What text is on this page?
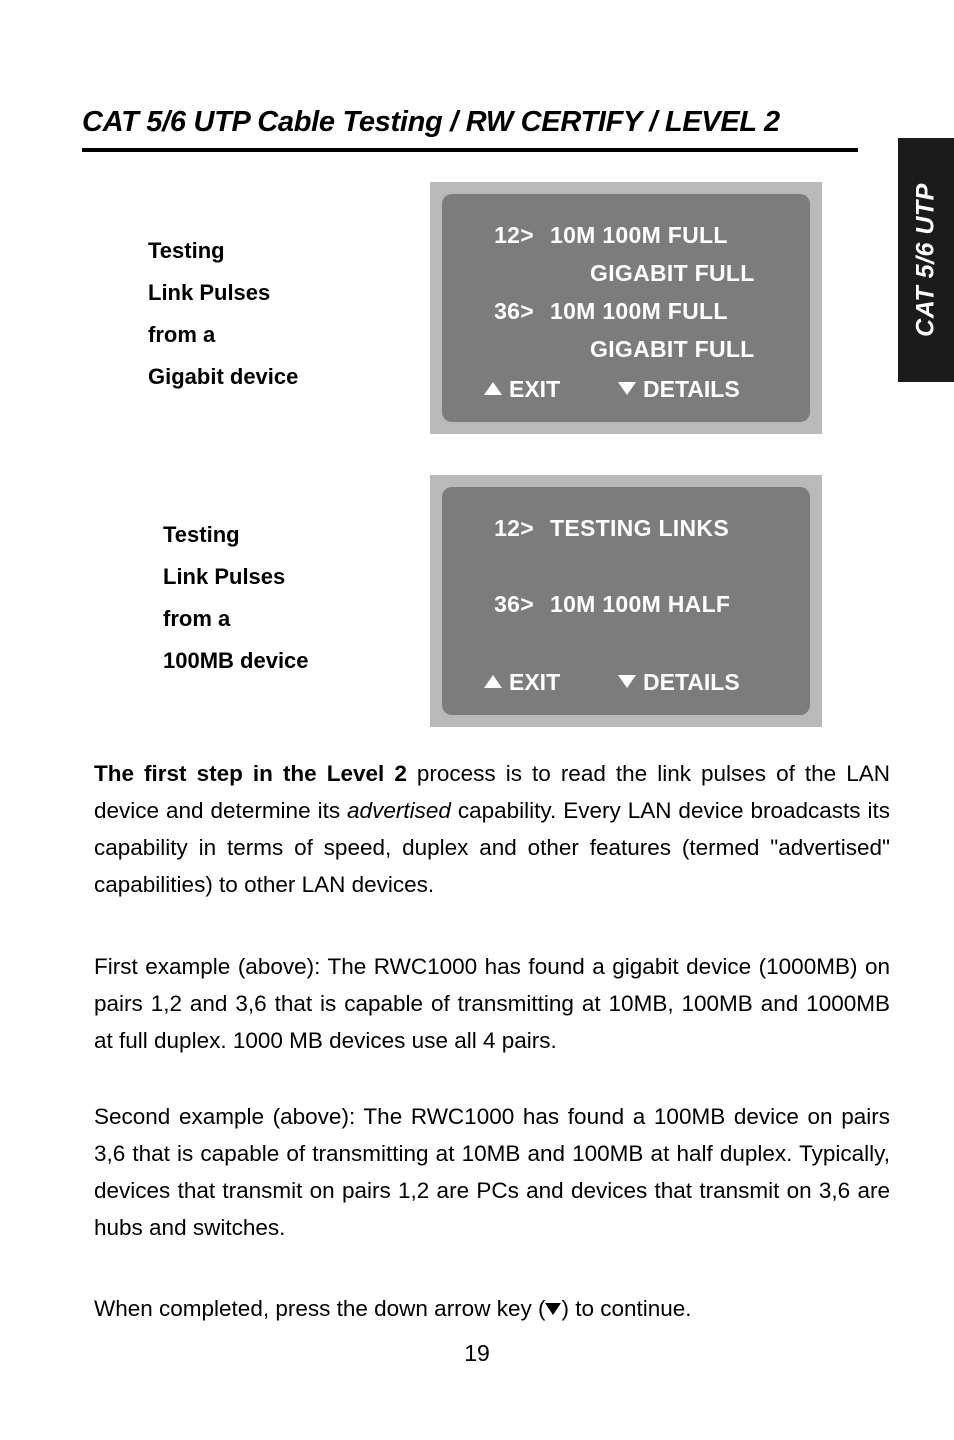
CAT 5/6 UTP Cable Testing / RW CERTIFY / LEVEL 2
CAT 5/6 UTP
Testing
Link Pulses
from a
Gigabit device
Testing
Link Pulses
from a
100MB device
12> 10M 100M FULL
GIGABIT FULL
36> 10M 100M FULL
GIGABIT FULL
EXIT	DETAILS
12> TESTING LINKS
36> 10M 100M HALF
EXIT	DETAILS
The first step in the Level 2 process is to read the link pulses of the LAN device and determine its advertised capability. Every LAN device broadcasts its capability in terms of speed, duplex and other features (termed "advertised" capabilities) to other LAN devices.
First example (above): The RWC1000 has found a gigabit device (1000MB) on pairs 1,2 and 3,6 that is capable of transmitting at 10MB, 100MB and 1000MB at full duplex. 1000 MB devices use all 4 pairs.
Second example (above): The RWC1000 has found a 100MB device on pairs 3,6 that is capable of transmitting at 10MB and 100MB at half duplex. Typically, devices that transmit on pairs 1,2 are PCs and devices that transmit on 3,6 are hubs and switches.
When completed, press the down arrow key ( ) to continue.
19
